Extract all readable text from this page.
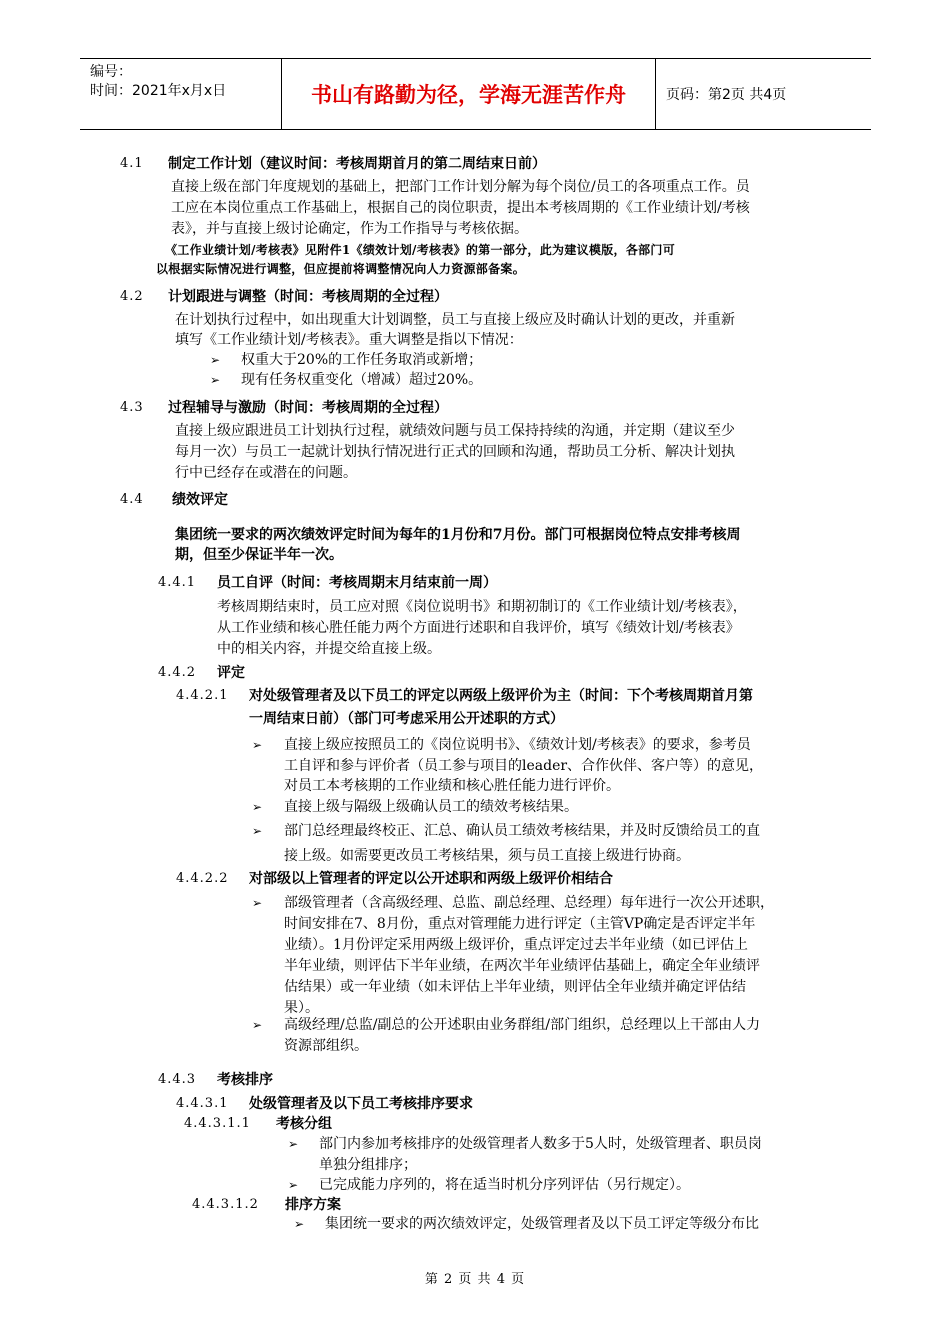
编号：
时间：2021年x月x日	书山有路勤为径，学海无涯苦作舟	页码：第2页 共4页
4.1 制定工作计划（建议时间：考核周期首月的第二周结束日前）
直接上级在部门年度规划的基础上，把部门工作计划分解为每个岗位/员工的各项重点工作。员
工应在本岗位重点工作基础上，根据自己的岗位职责，提出本考核周期的《工作业绩计划/考核
表》，并与直接上级讨论确定，作为工作指导与考核依据。
《工作业绩计划/考核表》见附件1《绩效计划/考核表》的第一部分，此为建议模版，各部门可
以根据实际情况进行调整，但应提前将调整情况向人力资源部备案。
4.2 计划跟进与调整（时间：考核周期的全过程）
在计划执行过程中，如出现重大计划调整，员工与直接上级应及时确认计划的更改，并重新
填写《工作业绩计划/考核表》。重大调整是指以下情况：
➢ 权重大于20%的工作任务取消或新增；
➢ 现有任务权重变化（增减）超过20%。
4.3 过程辅导与激励（时间：考核周期的全过程）
直接上级应跟进员工计划执行过程，就绩效问题与员工保持持续的沟通，并定期（建议至少
每月一次）与员工一起就计划执行情况进行正式的回顾和沟通，帮助员工分析、解决计划执
行中已经存在或潜在的问题。
4.4 绩效评定
集团统一要求的两次绩效评定时间为每年的1月份和7月份。部门可根据岗位特点安排考核周
期，但至少保证半年一次。
4.4.1 员工自评（时间：考核周期末月结束前一周）
考核周期结束时，员工应对照《岗位说明书》和期初制订的《工作业绩计划/考核表》，
从工作业绩和核心胜任能力两个方面进行述职和自我评价，填写《绩效计划/考核表》
中的相关内容，并提交给直接上级。
4.4.2 评定
4.4.2.1 对处级管理者及以下员工的评定以两级上级评价为主（时间：下个考核周期首月第
一周结束日前）（部门可考虑采用公开述职的方式）
➢ 直接上级应按照员工的《岗位说明书》、《绩效计划/考核表》的要求，参考员
工自评和参与评价者（员工参与项目的leader、合作伙伴、客户等）的意见，
对员工本考核期的工作业绩和核心胜任能力进行评价。
➢ 直接上级与隔级上级确认员工的绩效考核结果。
➢ 部门总经理最终校正、汇总、确认员工绩效考核结果，并及时反馈给员工的直
接上级。如需要更改员工考核结果，须与员工直接上级进行协商。
4.4.2.2 对部级以上管理者的评定以公开述职和两级上级评价相结合
➢ 部级管理者（含高级经理、总监、副总经理、总经理）每年进行一次公开述职，
时间安排在7、8月份，重点对管理能力进行评定（主管VP确定是否评定半年
业绩）。1月份评定采用两级上级评价，重点评定过去半年业绩（如已评估上
半年业绩，则评估下半年业绩，在两次半年业绩评估基础上，确定全年业绩评
估结果）或一年业绩（如未评估上半年业绩，则评估全年业绩并确定评估结
果）。
➢ 高级经理/总监/副总的公开述职由业务群组/部门组织，总经理以上干部由人力
资源部组织。
4.4.3 考核排序
4.4.3.1 处级管理者及以下员工考核排序要求
4.4.3.1.1 考核分组
➢ 部门内参加考核排序的处级管理者人数多于5人时，处级管理者、职员岗
单独分组排序；
➢ 已完成能力序列的，将在适当时机分序列评估（另行规定）。
4.4.3.1.2 排序方案
➢ 集团统一要求的两次绩效评定，处级管理者及以下员工评定等级分布比
第 2 页 共 4 页
